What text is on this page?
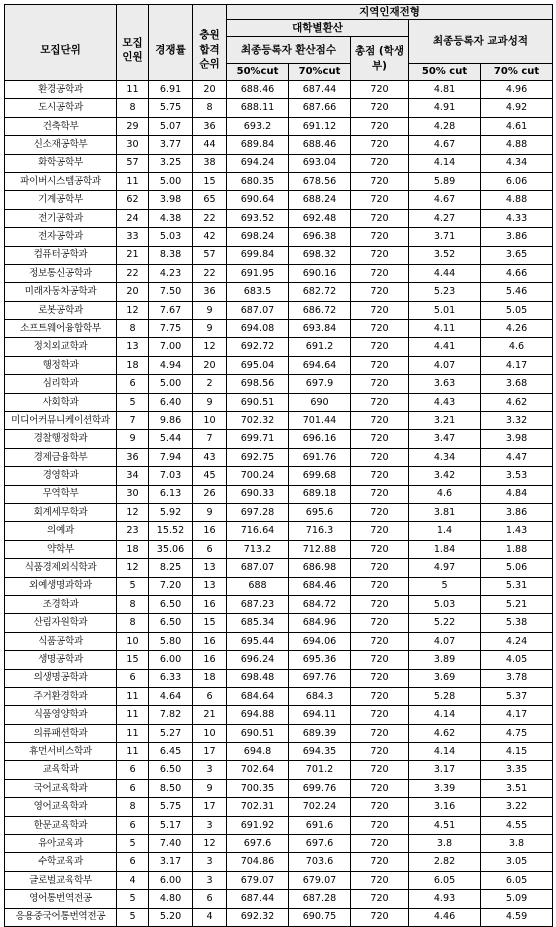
				지역인재전형				
모집단위	모집 인원	경쟁률	충원 합격 순위	대학별환산			최종등록자 교과성적	
				최종등록자 환산점수		총점 (학생부)		
				50%cut	70%cut		50% cut	70% cut
환경공학과	11	6.91	20	688.46	687.44	720	4.81	4.96
도시공학과	8	5.75	8	688.11	687.66	720	4.91	4.92
건축학부	29	5.07	36	693.2	691.12	720	4.28	4.61
신소재공학부	30	3.77	44	689.84	688.46	720	4.67	4.88
화학공학부	57	3.25	38	694.24	693.04	720	4.14	4.34
파이버시스템공학과	11	5.00	15	680.35	678.56	720	5.89	6.06
기계공학부	62	3.98	65	690.64	688.24	720	4.67	4.88
전기공학과	24	4.38	22	693.52	692.48	720	4.27	4.33
전자공학과	33	5.03	42	698.24	696.38	720	3.71	3.86
컴퓨터공학과	21	8.38	57	699.84	698.32	720	3.52	3.65
정보통신공학과	22	4.23	22	691.95	690.16	720	4.44	4.66
미래자동차공학과	20	7.50	36	683.5	682.72	720	5.23	5.46
로봇공학과	12	7.67	9	687.07	686.72	720	5.01	5.05
소프트웨어융합학부	8	7.75	9	694.08	693.84	720	4.11	4.26
정치외교학과	13	7.00	12	692.72	691.2	720	4.41	4.6
행정학과	18	4.94	20	695.04	694.64	720	4.07	4.17
심리학과	6	5.00	2	698.56	697.9	720	3.63	3.68
사회학과	5	6.40	9	690.51	690	720	4.43	4.62
미디어커뮤니케이션학과	7	9.86	10	702.32	701.44	720	3.21	3.32
경찰행정학과	9	5.44	7	699.71	696.16	720	3.47	3.98
경제금융학부	36	7.94	43	692.75	691.76	720	4.34	4.47
경영학과	34	7.03	45	700.24	699.68	720	3.42	3.53
무역학부	30	6.13	26	690.33	689.18	720	4.6	4.84
회계세무학과	12	5.92	9	697.28	695.6	720	3.81	3.86
의예과	23	15.52	16	716.64	716.3	720	1.4	1.43
약학부	18	35.06	6	713.2	712.88	720	1.84	1.88
식품경제외식학과	12	8.25	13	687.07	686.98	720	4.97	5.06
외예생명과학과	5	7.20	13	688	684.46	720	5	5.31
조경학과	8	6.50	16	687.23	684.72	720	5.03	5.21
산림자원학과	8	6.50	15	685.34	684.96	720	5.22	5.38
식품공학과	10	5.80	16	695.44	694.06	720	4.07	4.24
생명공학과	15	6.00	16	696.24	695.36	720	3.89	4.05
의생명공학과	6	6.33	18	698.48	697.76	720	3.69	3.78
주거환경학과	11	4.64	6	684.64	684.3	720	5.28	5.37
식품영양학과	11	7.82	21	694.88	694.11	720	4.14	4.17
의류패션학과	11	5.27	10	690.51	689.39	720	4.62	4.75
휴먼서비스학과	11	6.45	17	694.8	694.35	720	4.14	4.15
교육학과	6	6.50	3	702.64	701.2	720	3.17	3.35
국어교육학과	6	8.50	9	700.35	699.76	720	3.39	3.51
영어교육학과	8	5.75	17	702.31	702.24	720	3.16	3.22
한문교육학과	6	5.17	3	691.92	691.6	720	4.51	4.55
유아교육과	5	7.40	12	697.6	697.6	720	3.8	3.8
수학교육과	6	3.17	3	704.86	703.6	720	2.82	3.05
글로벌교육학부	4	6.00	3	679.07	679.07	720	6.05	6.05
영어통번역전공	5	4.80	6	687.44	687.28	720	4.93	5.09
응용중국어통번역전공	5	5.20	4	692.32	690.75	720	4.46	4.59
